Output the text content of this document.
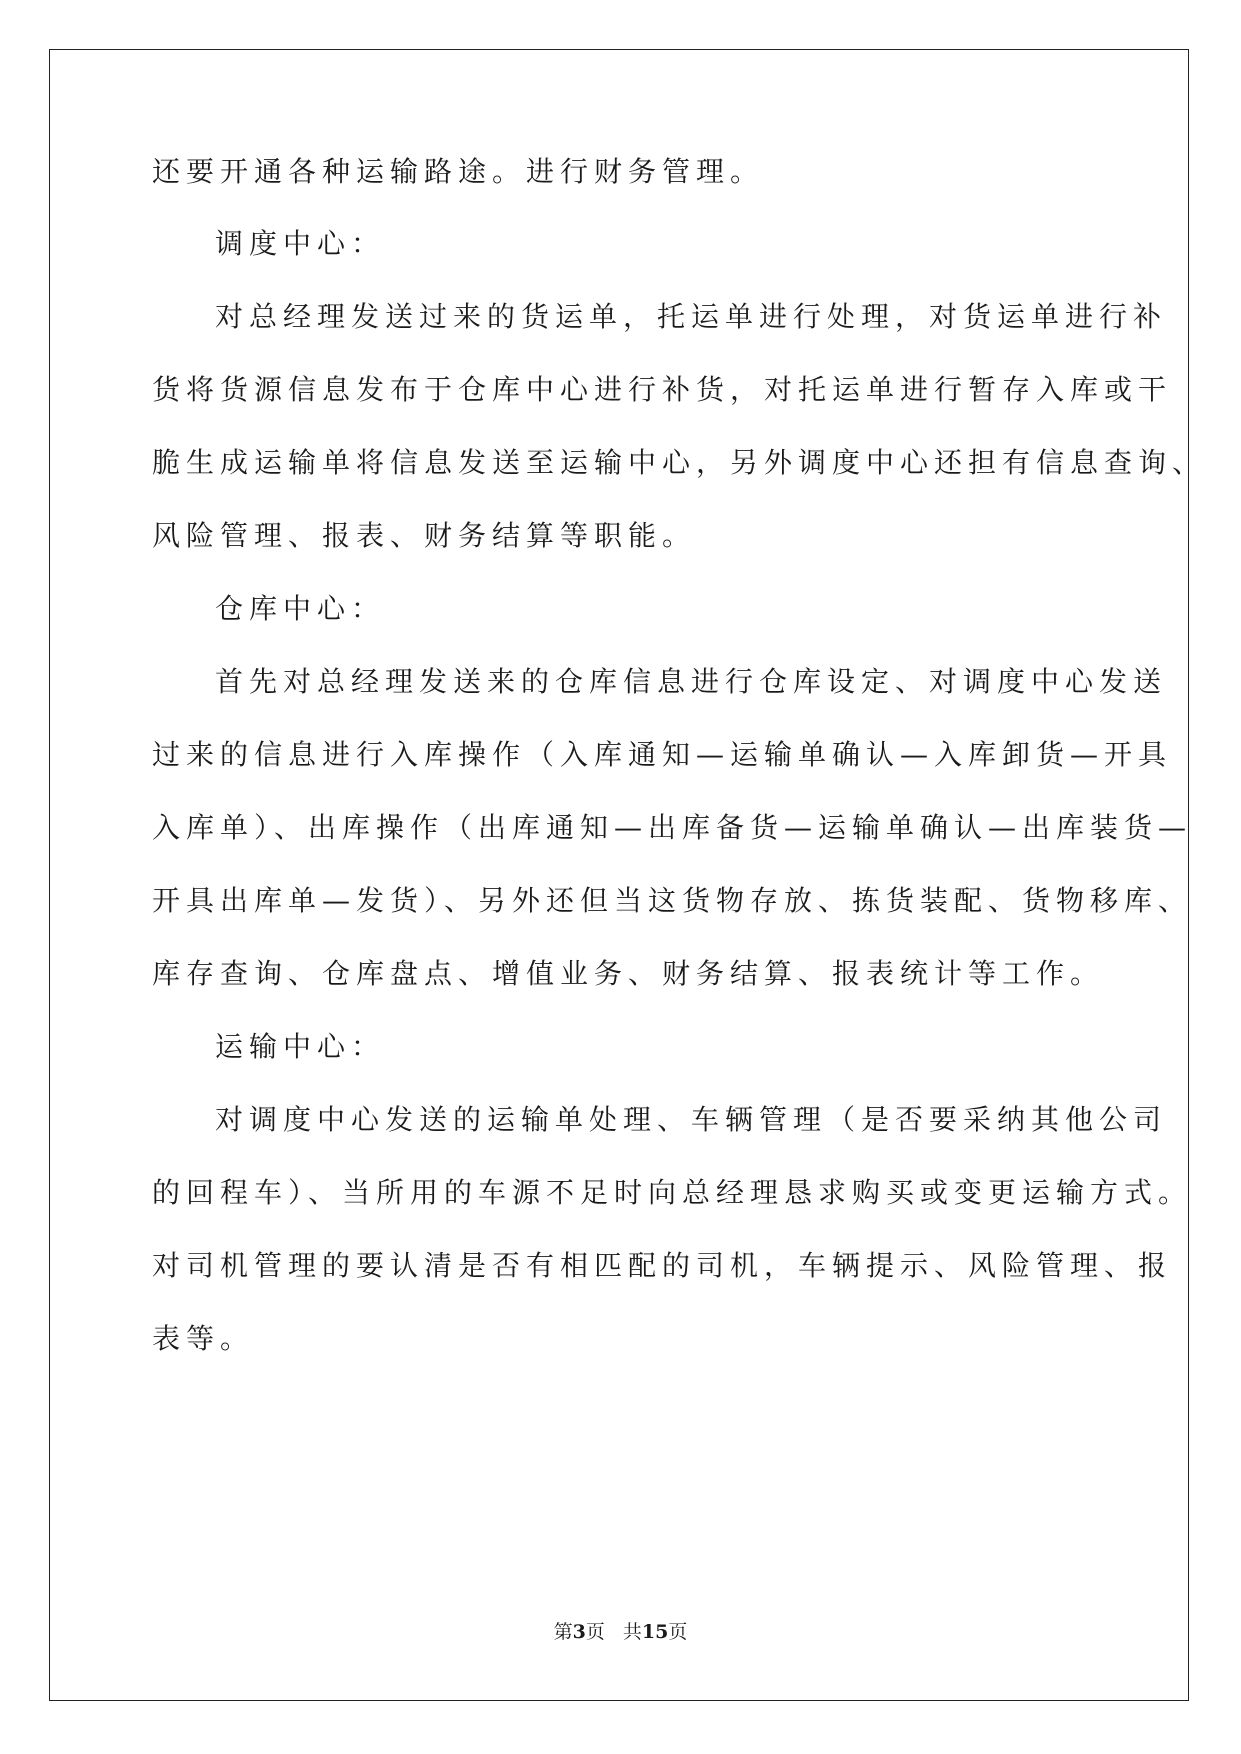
还要开通各种运输路途。进行财务管理。
调度中心：
对总经理发送过来的货运单，托运单进行处理，对货运单进行补
货将货源信息发布于仓库中心进行补货，对托运单进行暂存入库或干
脆生成运输单将信息发送至运输中心，另外调度中心还担有信息查询、
风险管理、报表、财务结算等职能。
仓库中心：
首先对总经理发送来的仓库信息进行仓库设定、对调度中心发送
过来的信息进行入库操作（入库通知—运输单确认—入库卸货—开具
入库单）、出库操作（出库通知—出库备货—运输单确认—出库装货—
开具出库单—发货）、另外还但当这货物存放、拣货装配、货物移库、
库存查询、仓库盘点、增值业务、财务结算、报表统计等工作。
运输中心：
对调度中心发送的运输单处理、车辆管理（是否要采纳其他公司
的回程车）、当所用的车源不足时向总经理恳求购买或变更运输方式。
对司机管理的要认清是否有相匹配的司机，车辆提示、风险管理、报
表等。
第3页 共15页
